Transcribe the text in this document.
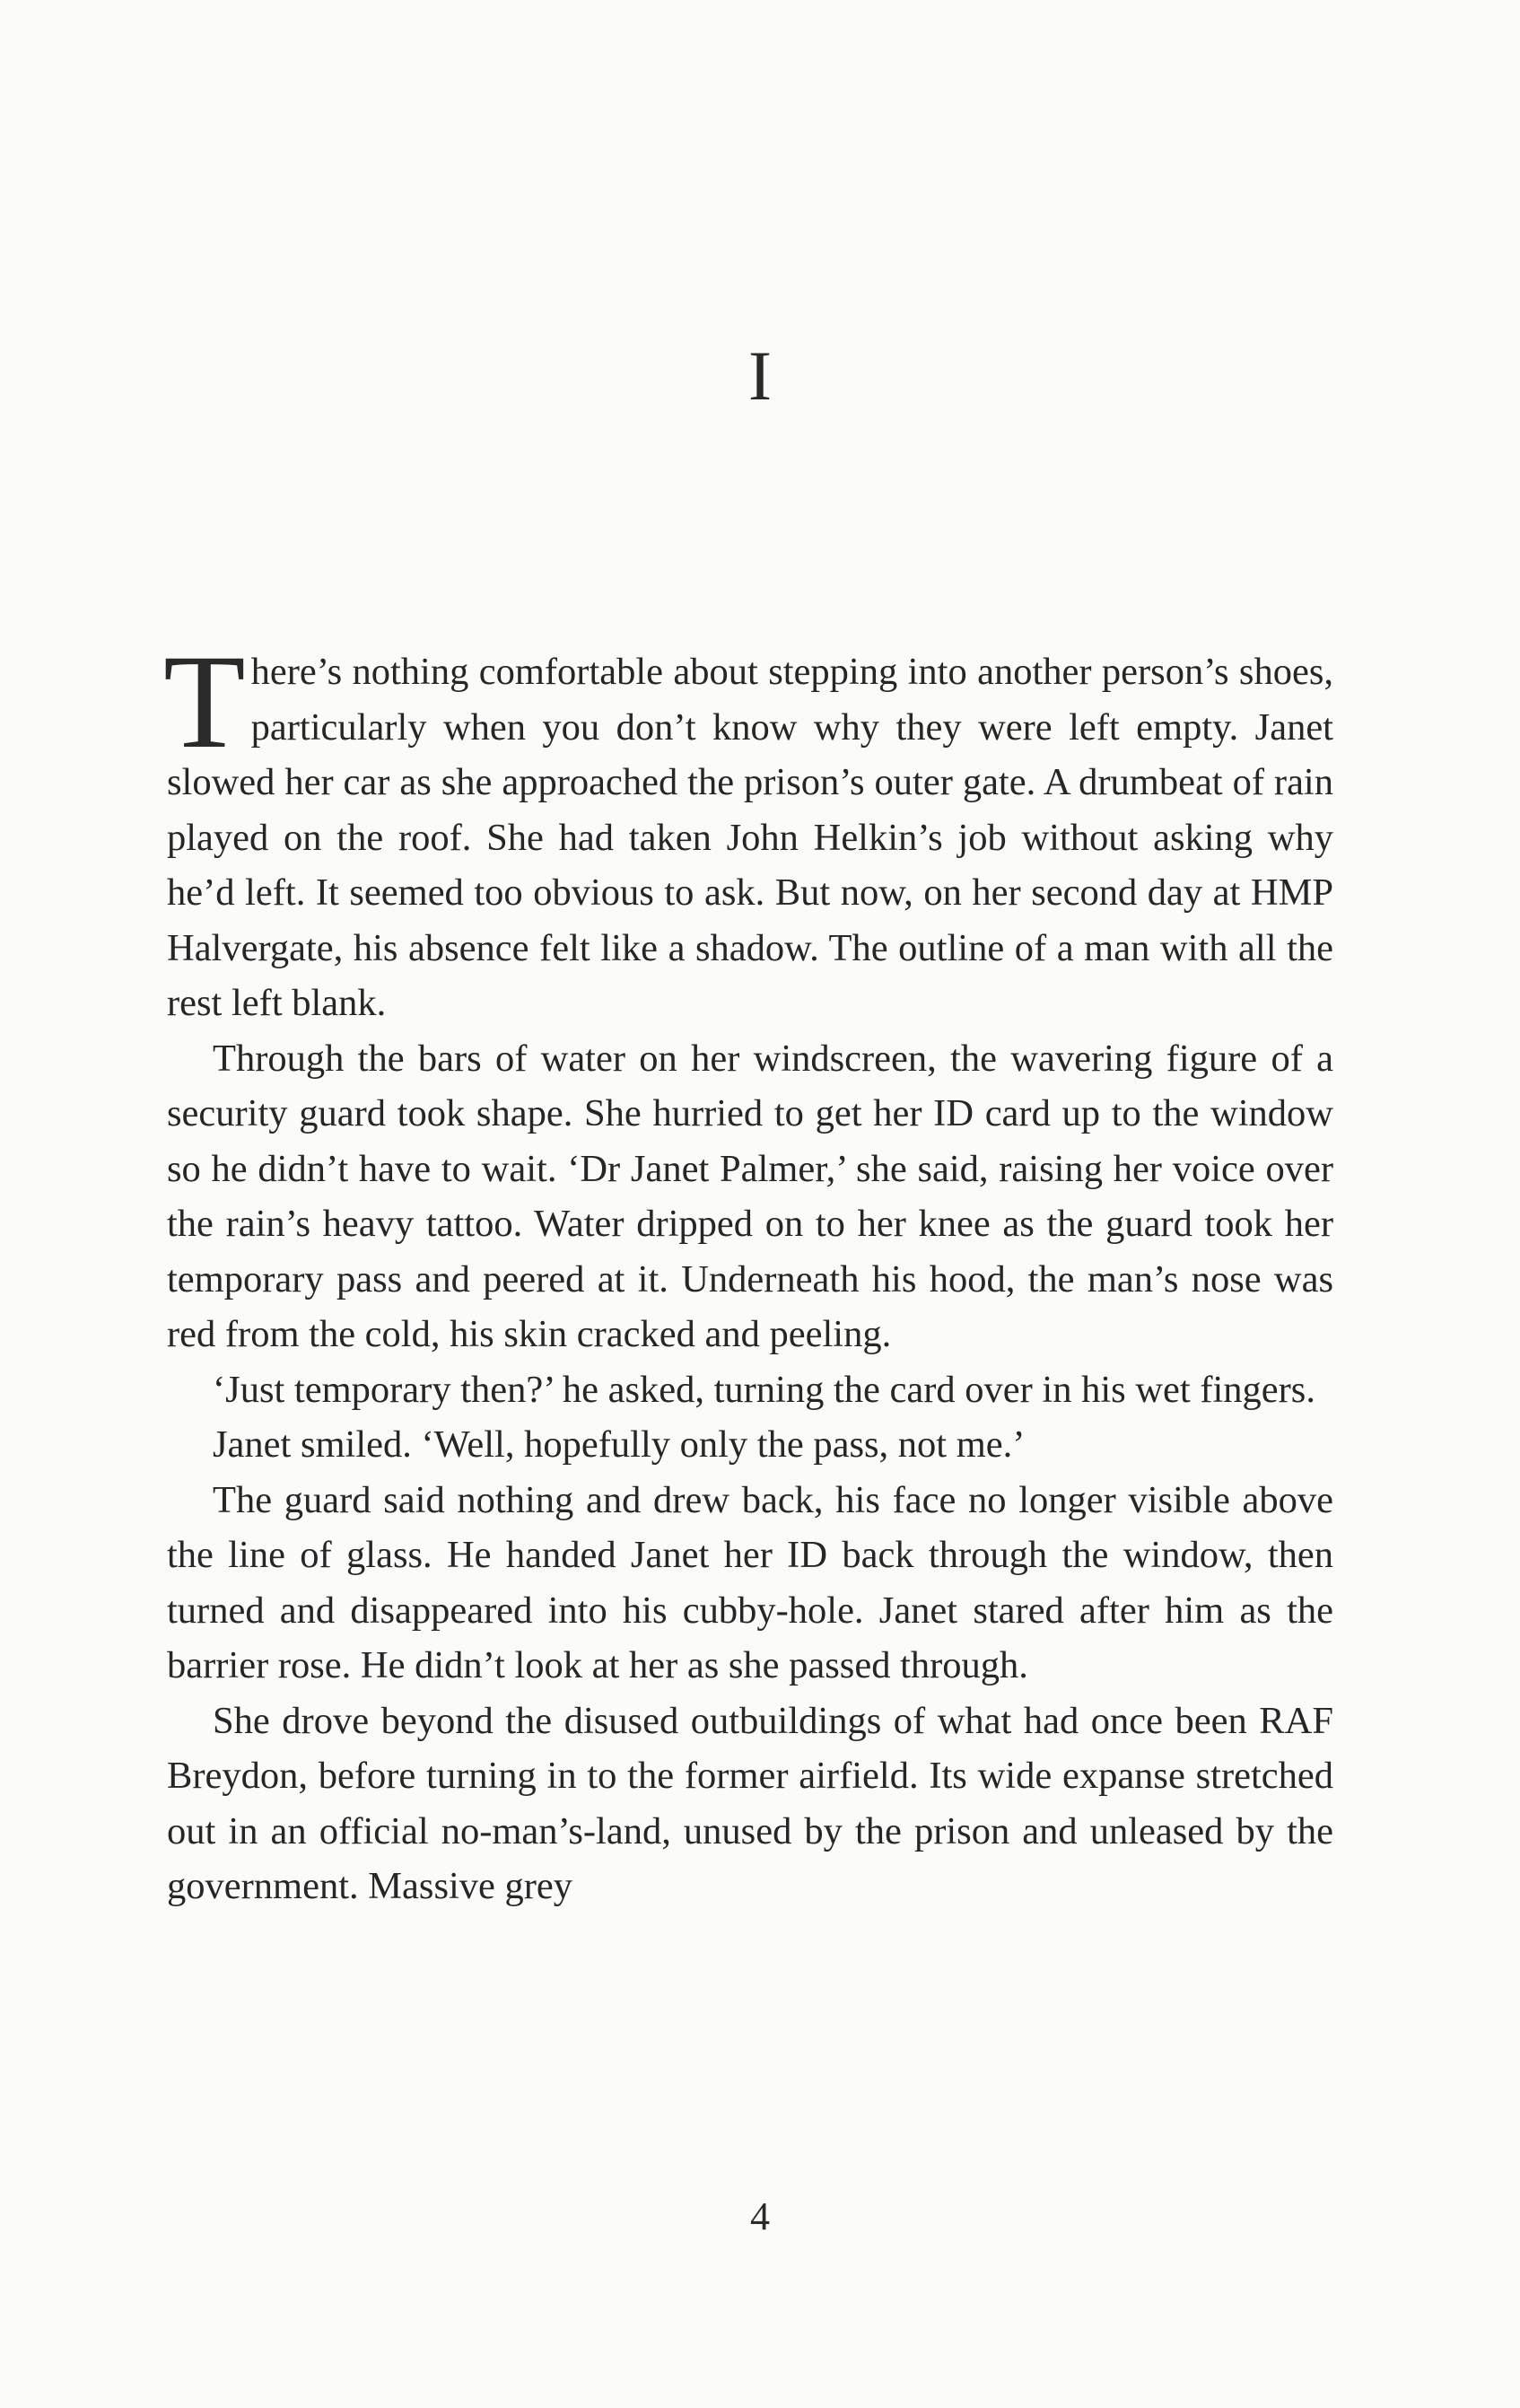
I

There’s nothing comfortable about stepping into another person’s shoes, particularly when you don’t know why they were left empty. Janet slowed her car as she approached the prison’s outer gate. A drumbeat of rain played on the roof. She had taken John Helkin’s job without asking why he’d left. It seemed too obvious to ask. But now, on her second day at HMP Halvergate, his absence felt like a shadow. The outline of a man with all the rest left blank.

Through the bars of water on her windscreen, the wavering figure of a security guard took shape. She hurried to get her ID card up to the window so he didn’t have to wait. ‘Dr Janet Palmer,’ she said, raising her voice over the rain’s heavy tattoo. Water dripped on to her knee as the guard took her temporary pass and peered at it. Underneath his hood, the man’s nose was red from the cold, his skin cracked and peeling.

‘Just temporary then?’ he asked, turning the card over in his wet fingers.

Janet smiled. ‘Well, hopefully only the pass, not me.’

The guard said nothing and drew back, his face no longer visible above the line of glass. He handed Janet her ID back through the window, then turned and disappeared into his cubby-hole. Janet stared after him as the barrier rose. He didn’t look at her as she passed through.

She drove beyond the disused outbuildings of what had once been RAF Breydon, before turning in to the former airfield. Its wide expanse stretched out in an official no-man’s-land, unused by the prison and unleased by the government. Massive grey

4
